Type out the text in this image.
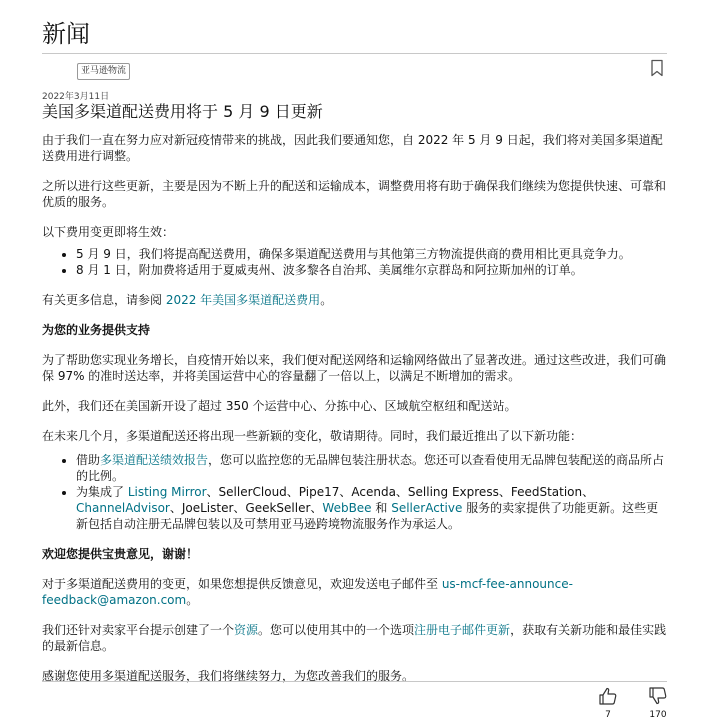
新闻
亚马逊物流
2022年3月11日
美国多渠道配送费用将于 5 月 9 日更新

由于我们一直在努力应对新冠疫情带来的挑战，因此我们要通知您，自 2022 年 5 月 9 日起，我们将对美国多渠道配送费用进行调整。

之所以进行这些更新，主要是因为不断上升的配送和运输成本，调整费用将有助于确保我们继续为您提供快速、可靠和优质的服务。

以下费用变更即将生效：

• 5 月 9 日，我们将提高配送费用，确保多渠道配送费用与其他第三方物流提供商的费用相比更具竞争力。
• 8 月 1 日，附加费将适用于夏威夷州、波多黎各自治邦、美属维尔京群岛和阿拉斯加州的订单。

有关更多信息，请参阅 2022 年美国多渠道配送费用。

为您的业务提供支持

为了帮助您实现业务增长，自疫情开始以来，我们便对配送网络和运输网络做出了显著改进。通过这些改进，我们可确保 97% 的准时送达率，并将美国运营中心的容量翻了一倍以上，以满足不断增加的需求。

此外，我们还在美国新开设了超过 350 个运营中心、分拣中心、区域航空枢纽和配送站。

在未来几个月，多渠道配送还将出现一些新颖的变化，敬请期待。同时，我们最近推出了以下新功能：

• 借助多渠道配送绩效报告，您可以监控您的无品牌包装注册状态。您还可以查看使用无品牌包装配送的商品所占的比例。
• 为集成了 Listing Mirror、SellerCloud、Pipe17、Acenda、Selling Express、FeedStation、ChannelAdvisor、JoeLister、GeekSeller、WebBee 和 SellerActive 服务的卖家提供了功能更新。这些更新包括自动注册无品牌包装以及可禁用亚马逊跨境物流服务作为承运人。
欢迎您提供宝贵意见，谢谢！

对于多渠道配送费用的变更，如果您想提供反馈意见，欢迎发送电子邮件至 us-mcf-fee-announce-feedback@amazon.com。

我们还针对卖家平台提示创建了一个资源。您可以使用其中的一个选项注册电子邮件更新，获取有关新功能和最佳实践的最新信息。

感谢您使用多渠道配送服务，我们将继续努力，为您改善我们的服务。

7	170
